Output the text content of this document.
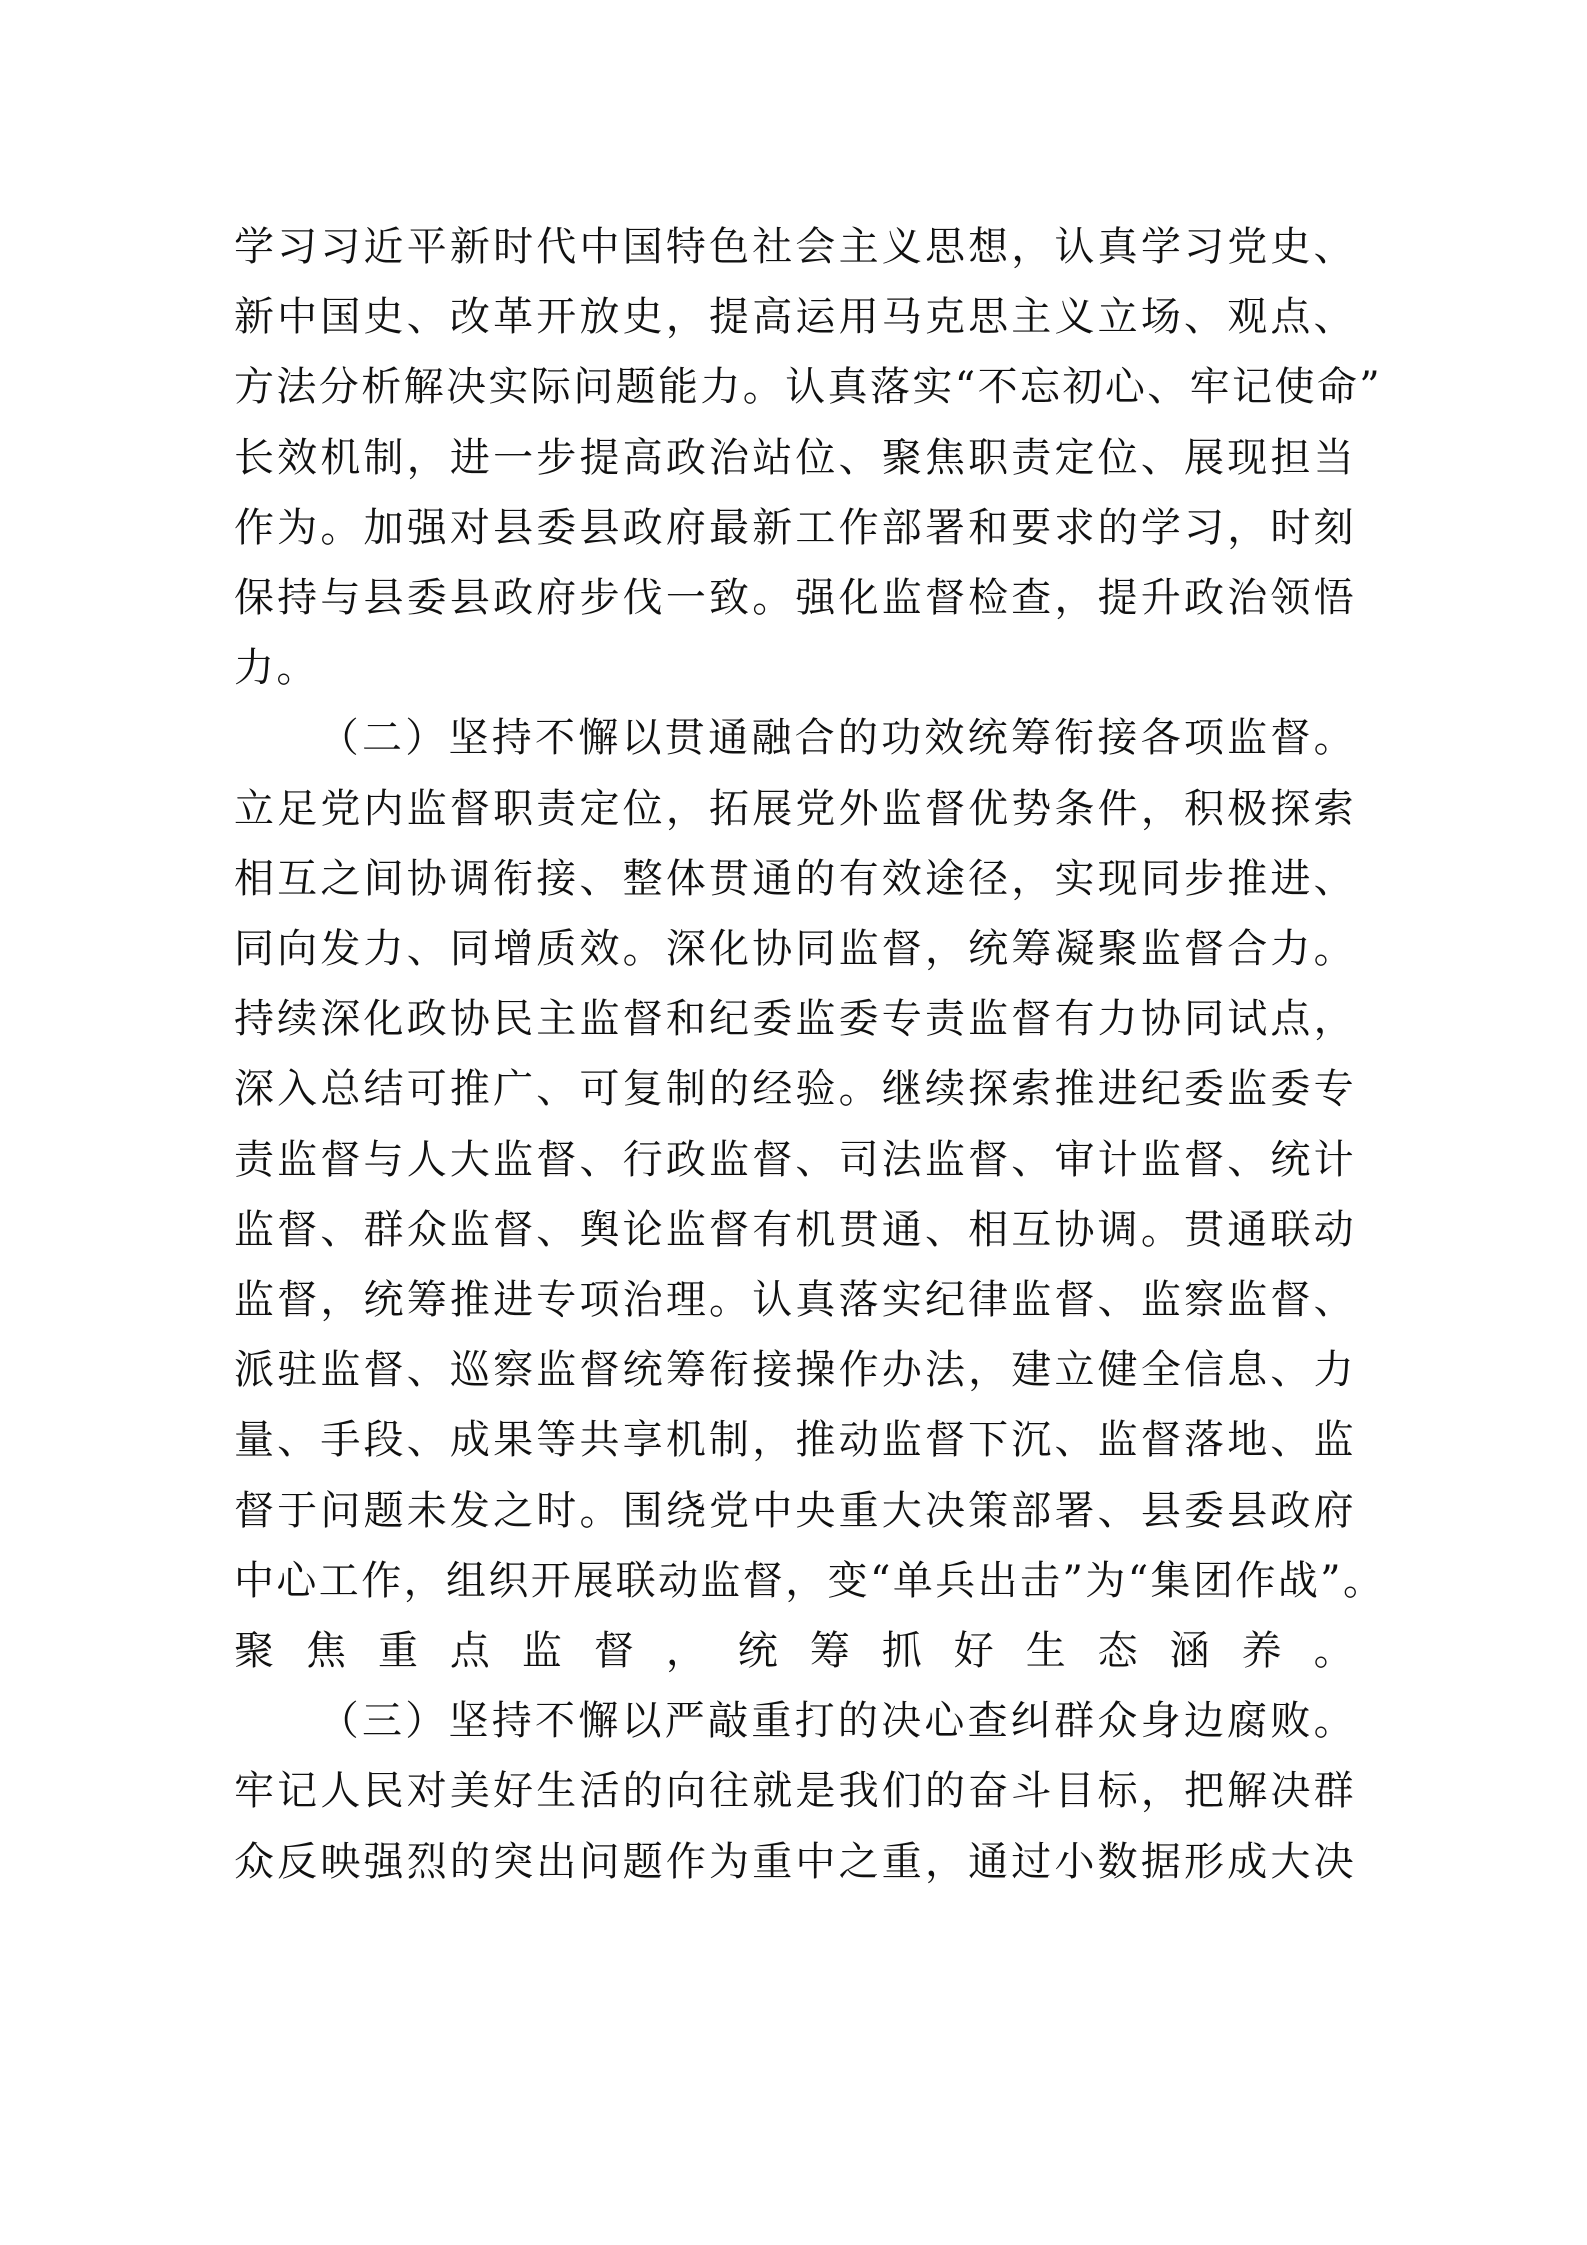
学习习近平新时代中国特色社会主义思想，认真学习党史、
新中国史、改革开放史，提高运用马克思主义立场、观点、
方法分析解决实际问题能力。认真落实“不忘初心、牢记使命”
长效机制，进一步提高政治站位、聚焦职责定位、展现担当
作为。加强对县委县政府最新工作部署和要求的学习，时刻
保持与县委县政府步伐一致。强化监督检查，提升政治领悟
力。

（二）坚持不懈以贯通融合的功效统筹衔接各项监督。
立足党内监督职责定位，拓展党外监督优势条件，积极探索
相互之间协调衔接、整体贯通的有效途径，实现同步推进、
同向发力、同增质效。深化协同监督，统筹凝聚监督合力。
持续深化政协民主监督和纪委监委专责监督有力协同试点，
深入总结可推广、可复制的经验。继续探索推进纪委监委专
责监督与人大监督、行政监督、司法监督、审计监督、统计
监督、群众监督、舆论监督有机贯通、相互协调。贯通联动
监督，统筹推进专项治理。认真落实纪律监督、监察监督、
派驻监督、巡察监督统筹衔接操作办法，建立健全信息、力
量、手段、成果等共享机制，推动监督下沉、监督落地、监
督于问题未发之时。围绕党中央重大决策部署、县委县政府
中心工作，组织开展联动监督，变“单兵出击”为“集团作战”。
聚焦重点监督，统筹抓好生态涵养。

（三）坚持不懈以严敲重打的决心查纠群众身边腐败。
牢记人民对美好生活的向往就是我们的奋斗目标，把解决群
众反映强烈的突出问题作为重中之重，通过小数据形成大决
